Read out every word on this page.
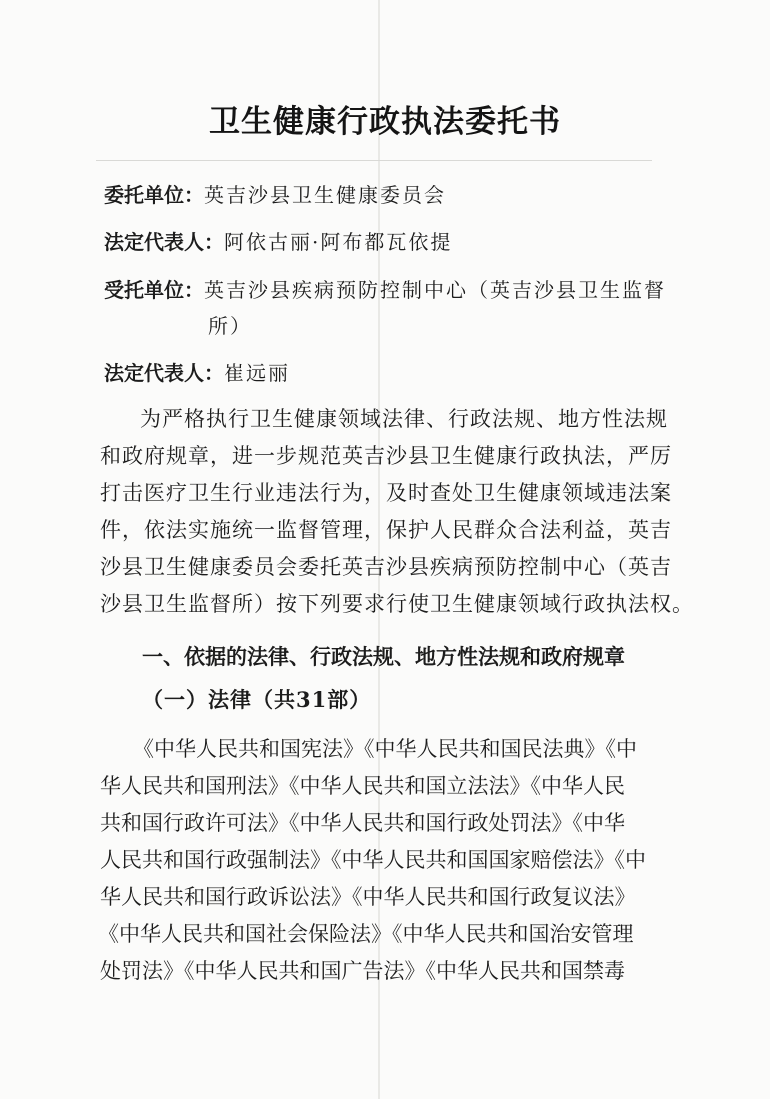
卫生健康行政执法委托书
委托单位：英吉沙县卫生健康委员会
法定代表人：阿依古丽·阿布都瓦依提
受托单位：英吉沙县疾病预防控制中心（英吉沙县卫生监督
所）
法定代表人：崔远丽
为严格执行卫生健康领域法律、行政法规、地方性法规
和政府规章，进一步规范英吉沙县卫生健康行政执法，严厉
打击医疗卫生行业违法行为，及时查处卫生健康领域违法案
件，依法实施统一监督管理，保护人民群众合法利益，英吉
沙县卫生健康委员会委托英吉沙县疾病预防控制中心（英吉
沙县卫生监督所）按下列要求行使卫生健康领域行政执法权。
一、依据的法律、行政法规、地方性法规和政府规章
（一）法律（共31部）
《中华人民共和国宪法》《中华人民共和国民法典》《中
华人民共和国刑法》《中华人民共和国立法法》《中华人民
共和国行政许可法》《中华人民共和国行政处罚法》《中华
人民共和国行政强制法》《中华人民共和国国家赔偿法》《中
华人民共和国行政诉讼法》《中华人民共和国行政复议法》
《中华人民共和国社会保险法》《中华人民共和国治安管理
处罚法》《中华人民共和国广告法》《中华人民共和国禁毒
